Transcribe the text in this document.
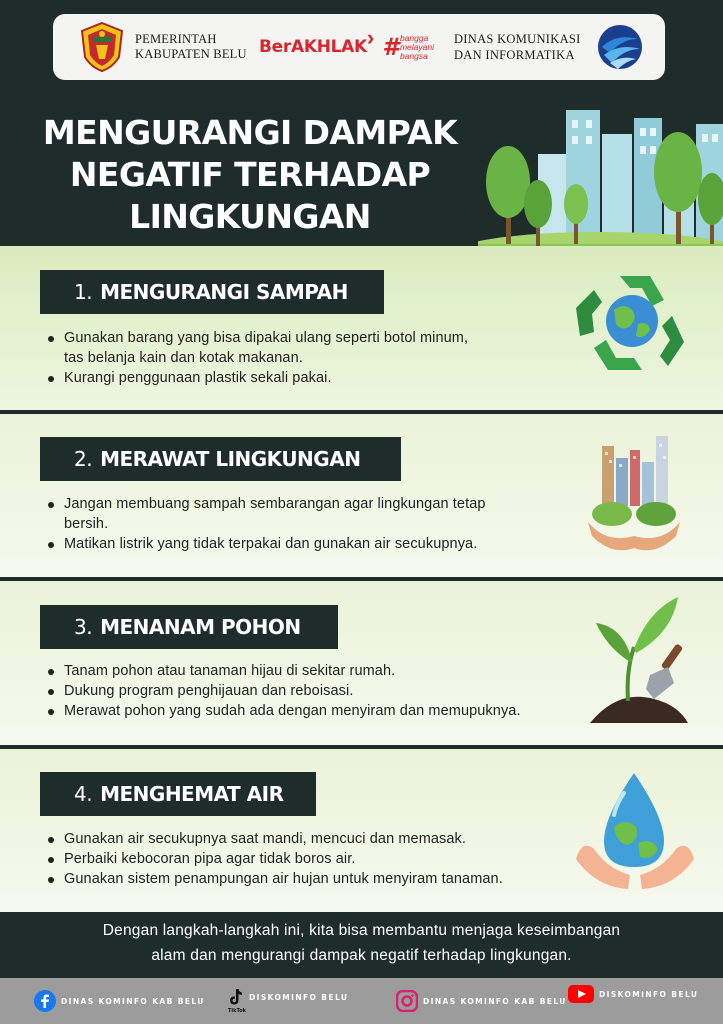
PEMERINTAH
KABUPATEN BELU BerAKHLAK › # bangga
melayani
bangsa
DINAS KOMUNIKASI
DAN INFORMATIKA
MENGURANGI DAMPAK
NEGATIF TERHADAP
LINGKUNGAN
1. MENGURANGI SAMPAH
Gunakan barang yang bisa dipakai ulang seperti botol minum,
tas belanja kain dan kotak makanan.
Kurangi penggunaan plastik sekali pakai.
2. MERAWAT LINGKUNGAN
Jangan membuang sampah sembarangan agar lingkungan tetap
bersih.
Matikan listrik yang tidak terpakai dan gunakan air secukupnya.
3. MENANAM POHON
Tanam pohon atau tanaman hijau di sekitar rumah.
Dukung program penghijauan dan reboisasi.
Merawat pohon yang sudah ada dengan menyiram dan memupuknya.
4. MENGHEMAT AIR
Gunakan air secukupnya saat mandi, mencuci dan memasak.
Perbaiki kebocoran pipa agar tidak boros air.
Gunakan sistem penampungan air hujan untuk menyiram tanaman.
Dengan langkah-langkah ini, kita bisa membantu menjaga keseimbangan
alam dan mengurangi dampak negatif terhadap lingkungan.
DINAS KOMINFO KAB BELU	DISKOMINFO BELU
TikTok
DINAS KOMINFO KAB BELU
DISKOMINFO BELU
